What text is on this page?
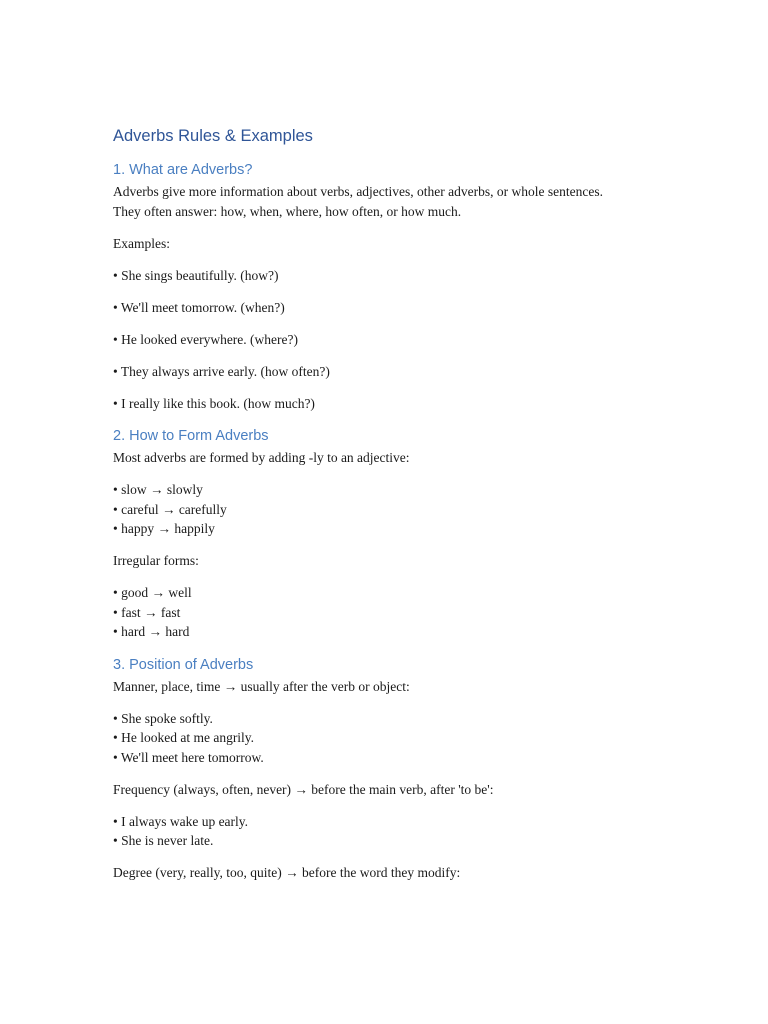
Adverbs Rules & Examples
1. What are Adverbs?

Adverbs give more information about verbs, adjectives, other adverbs, or whole sentences.

They often answer: how, when, where, how often, or how much.

Examples:

• She sings beautifully. (how?)

• We'll meet tomorrow. (when?)

• He looked everywhere. (where?)

• They always arrive early. (how often?)

• I really like this book. (how much?)

2. How to Form Adverbs

Most adverbs are formed by adding -ly to an adjective:

• slow → slowly

• careful → carefully

• happy → happily

Irregular forms:

• good → well

• fast → fast

• hard → hard

3. Position of Adverbs

Manner, place, time → usually after the verb or object:

• She spoke softly.

• He looked at me angrily.

• We'll meet here tomorrow.

Frequency (always, often, never) → before the main verb, after 'to be':

• I always wake up early.

• She is never late.

Degree (very, really, too, quite) → before the word they modify:
